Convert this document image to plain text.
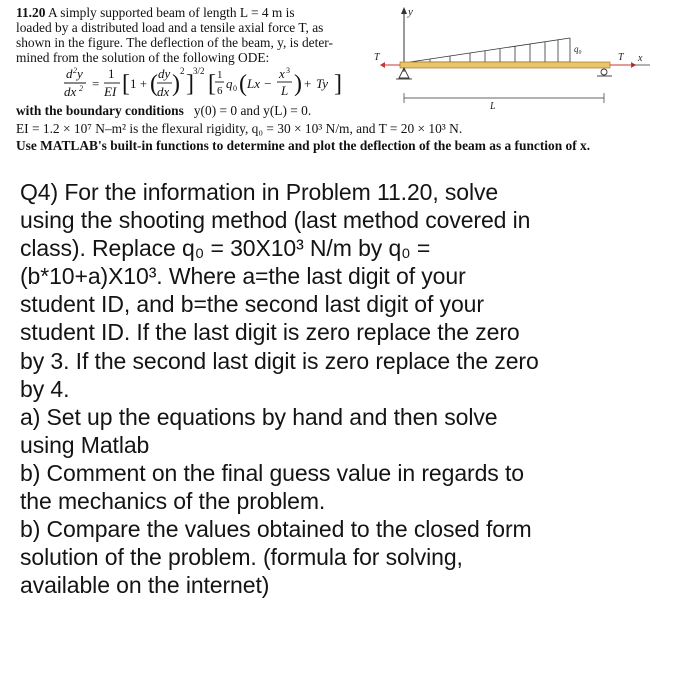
11.20 A simply supported beam of length L = 4 m is
loaded by a distributed load and a tensile axial force T, as
shown in the figure. The deflection of the beam, y, is deter-
mined from the solution of the following ODE:
d 2 y
dx 2 =
1
EI [ 1 + ( dy
dx ) 2 ] 3/2 [ 1
6 q 0 ( Lx −
x 3
L ) + Ty ]
with the boundary conditions y(0) = 0 and y(L) = 0.
EI = 1.2 × 10⁷ N–m² is the flexural rigidity, q₀ = 30 × 10³ N/m, and T = 20 × 10³ N.
Use MATLAB's built-in functions to determine and plot the deflection of the beam as a function of x.
y
q₀
T	T x
L
Q4) For the information in Problem 11.20, solve
using the shooting method (last method covered in
class). Replace q₀ = 30X10³ N/m by q₀ =
(b*10+a)X10³. Where a=the last digit of your
student ID, and b=the second last digit of your
student ID. If the last digit is zero replace the zero
by 3. If the second last digit is zero replace the zero
by 4.
a) Set up the equations by hand and then solve
using Matlab
b) Comment on the final guess value in regards to
the mechanics of the problem.
b) Compare the values obtained to the closed form
solution of the problem. (formula for solving,
available on the internet)
